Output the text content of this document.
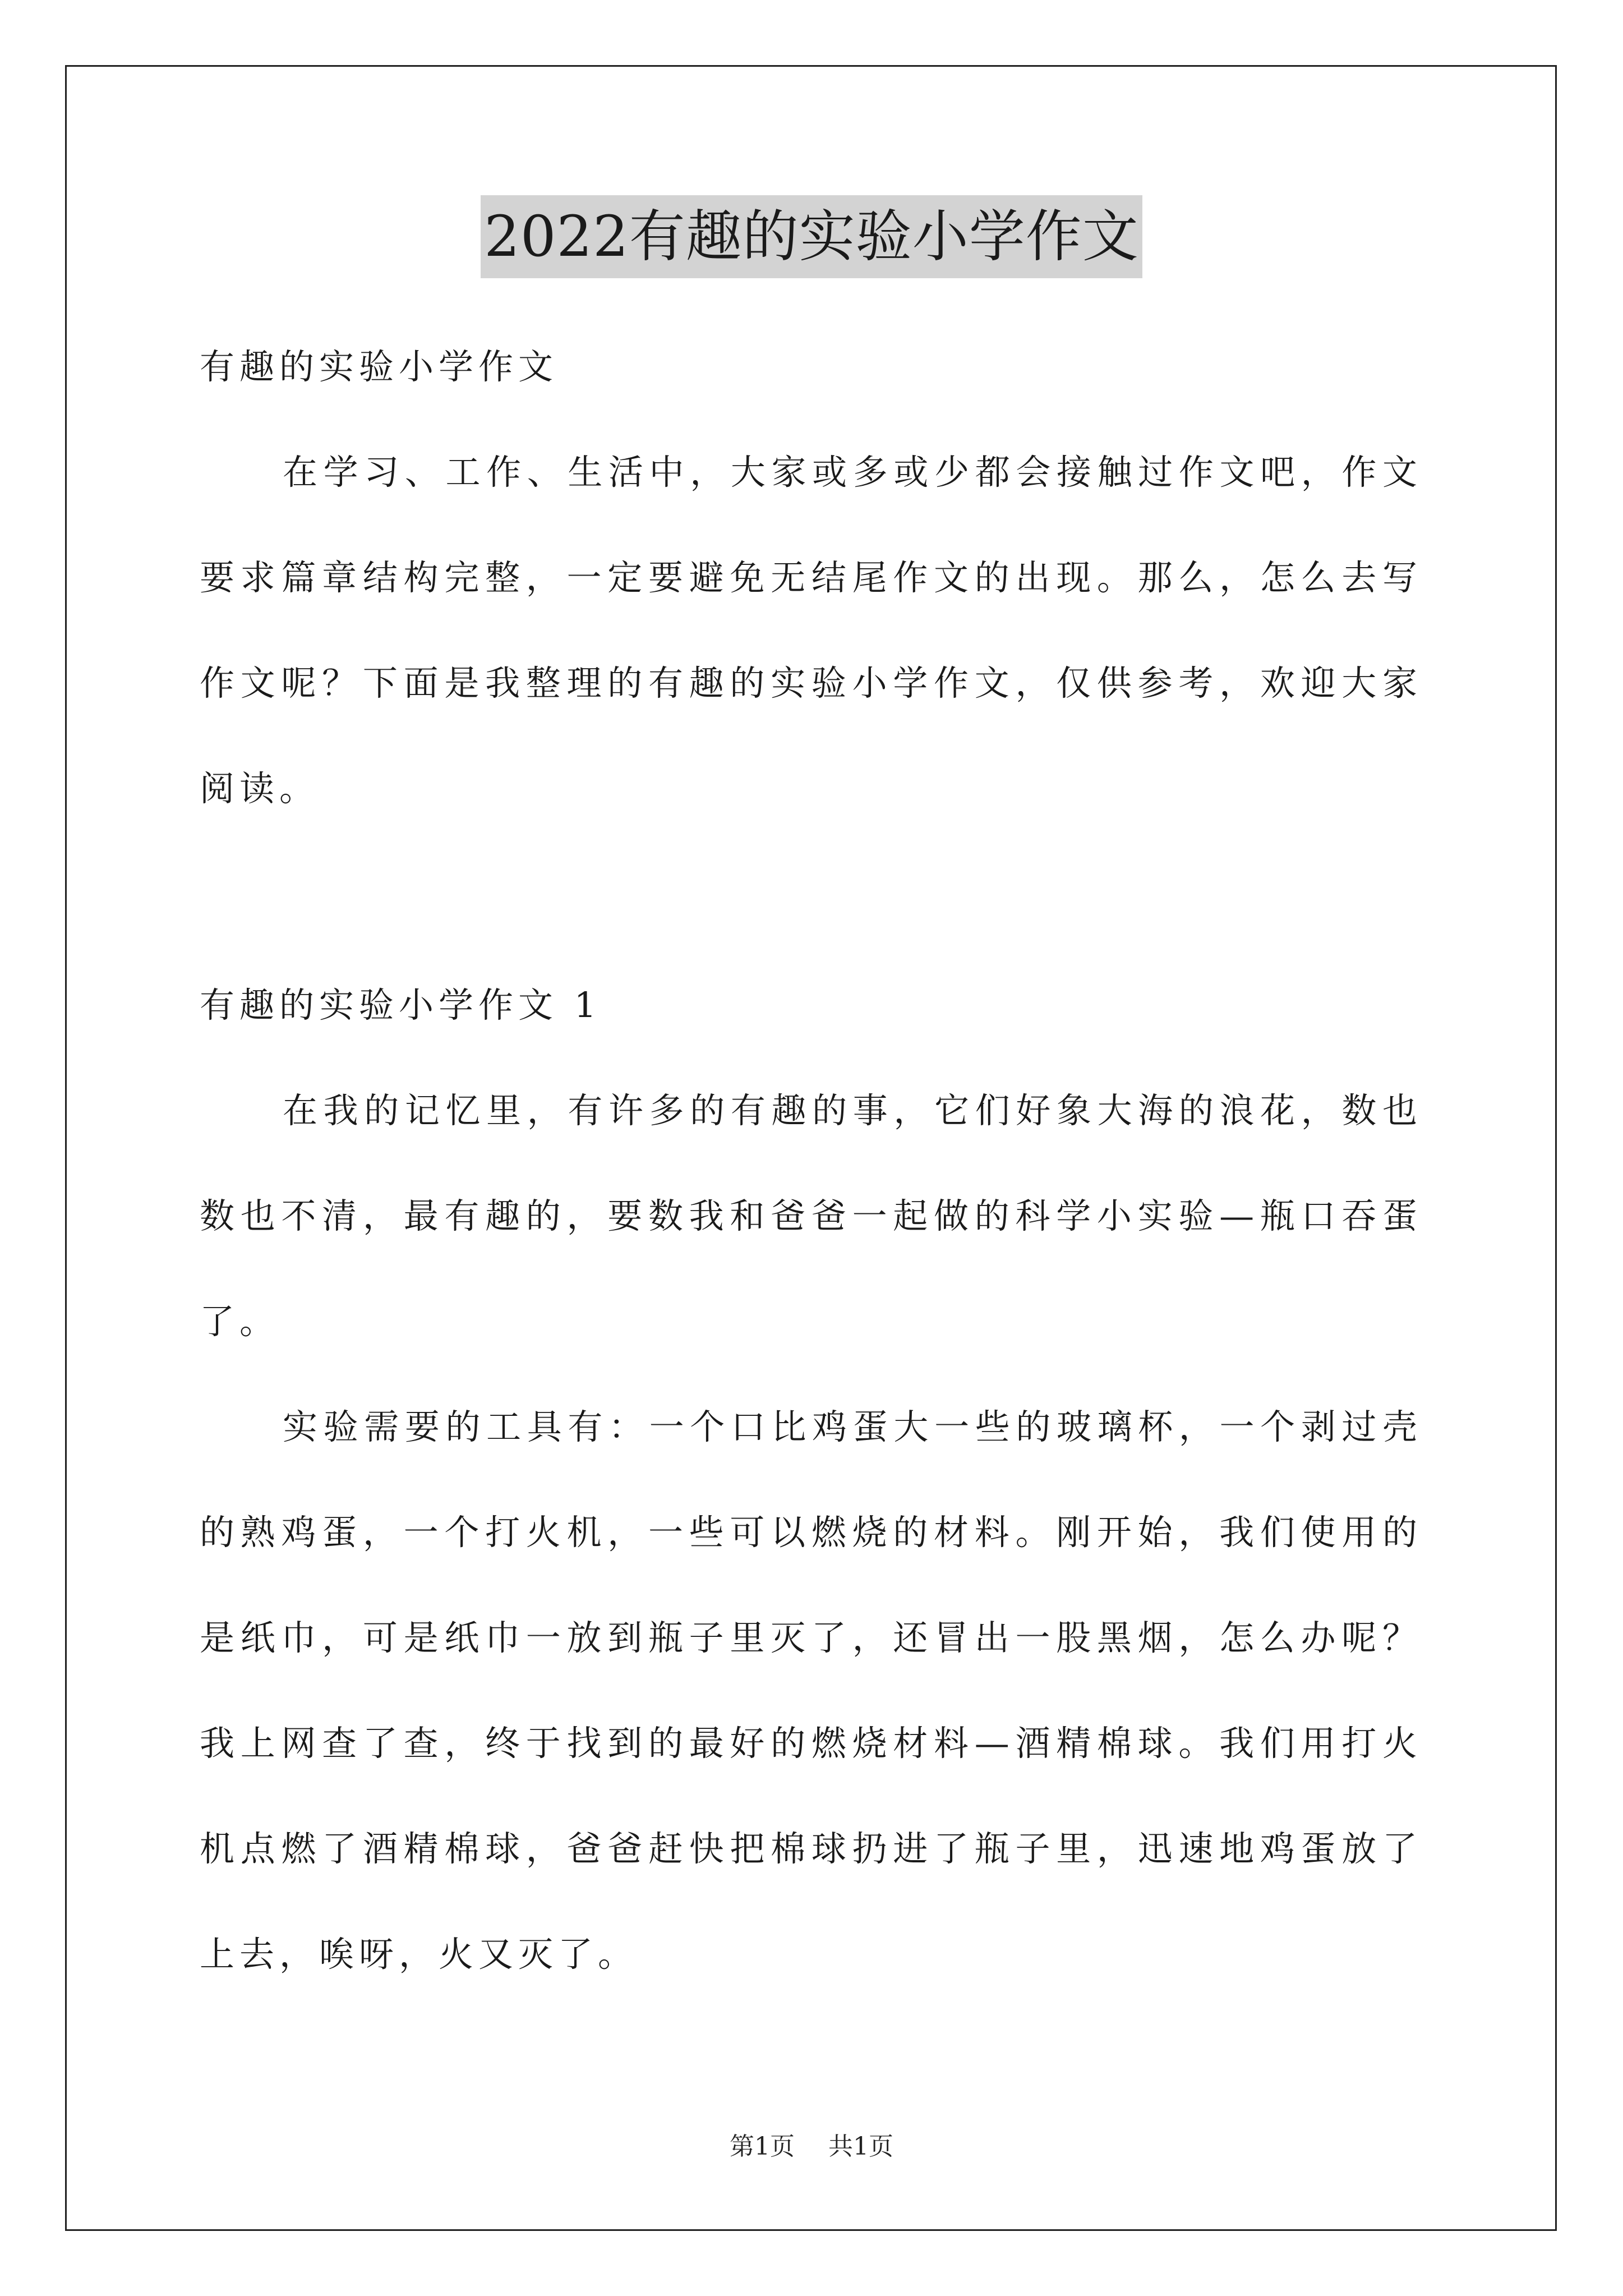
2022有趣的实验小学作文

有趣的实验小学作文

在学习、工作、生活中，大家或多或少都会接触过作文吧，作文要求篇章结构完整，一定要避免无结尾作文的出现。那么，怎么去写作文呢？下面是我整理的有趣的实验小学作文，仅供参考，欢迎大家阅读。

有趣的实验小学作文 1

在我的记忆里，有许多的有趣的事，它们好象大海的浪花，数也数也不清，最有趣的，要数我和爸爸一起做的科学小实验—瓶口吞蛋了。

实验需要的工具有：一个口比鸡蛋大一些的玻璃杯，一个剥过壳的熟鸡蛋，一个打火机，一些可以燃烧的材料。刚开始，我们使用的是纸巾，可是纸巾一放到瓶子里灭了，还冒出一股黑烟，怎么办呢？我上网查了查，终于找到的最好的燃烧材料—酒精棉球。我们用打火机点燃了酒精棉球，爸爸赶快把棉球扔进了瓶子里，迅速地鸡蛋放了上去，唉呀，火又灭了。

第1页 共1页
